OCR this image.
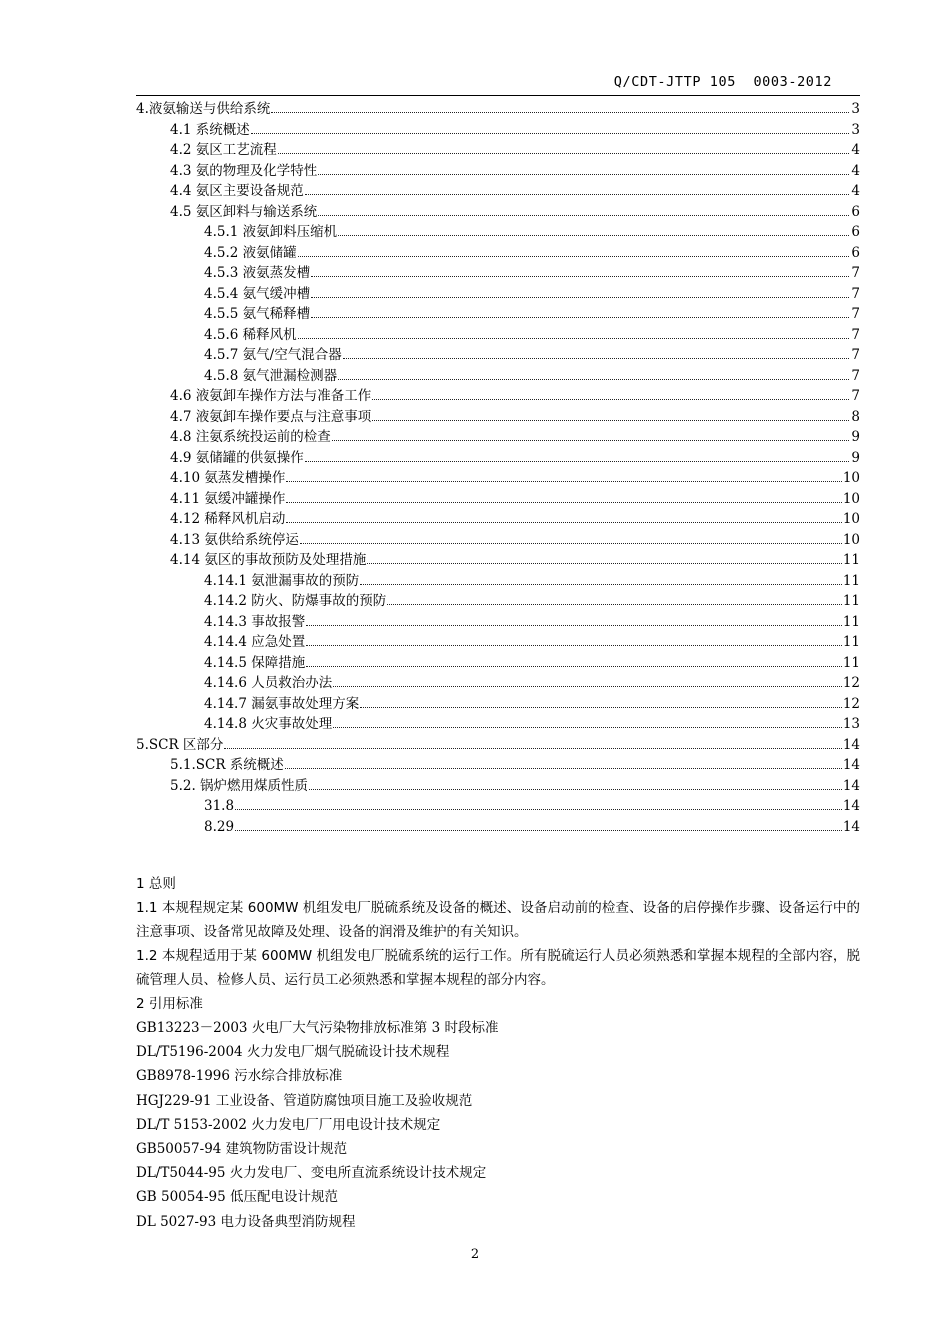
Q/CDT-JTTP 105  0003-2012
4.液氨输送与供给系统	3
4.1 系统概述	3
4.2 氨区工艺流程	4
4.3 氨的物理及化学特性	4
4.4 氨区主要设备规范	4
4.5 氨区卸料与输送系统	6
4.5.1 液氨卸料压缩机	6
4.5.2 液氨储罐	6
4.5.3 液氨蒸发槽	7
4.5.4 氨气缓冲槽	7
4.5.5 氨气稀释槽	7
4.5.6 稀释风机	7
4.5.7 氨气/空气混合器	7
4.5.8 氨气泄漏检测器	7
4.6 液氨卸车操作方法与准备工作	7
4.7 液氨卸车操作要点与注意事项	8
4.8 注氨系统投运前的检查	9
4.9 氨储罐的供氨操作	9
4.10 氨蒸发槽操作	10
4.11 氨缓冲罐操作	10
4.12 稀释风机启动	10
4.13 氨供给系统停运	10
4.14 氨区的事故预防及处理措施	11
4.14.1 氨泄漏事故的预防	11
4.14.2 防火、防爆事故的预防	11
4.14.3 事故报警	11
4.14.4 应急处置	11
4.14.5 保障措施	11
4.14.6 人员救治办法	12
4.14.7 漏氨事故处理方案	12
4.14.8 火灾事故处理	13
5.SCR 区部分	14
5.1.SCR 系统概述	14
5.2. 锅炉燃用煤质性质	14
31.8	14
8.29	14
1 总则
1.1 本规程规定某 600MW 机组发电厂脱硫系统及设备的概述、设备启动前的检查、设备的启停操作步骤、设备运行中的注意事项、设备常见故障及处理、设备的润滑及维护的有关知识。
1.2 本规程适用于某 600MW 机组发电厂脱硫系统的运行工作。所有脱硫运行人员必须熟悉和掌握本规程的全部内容，脱硫管理人员、检修人员、运行员工必须熟悉和掌握本规程的部分内容。
2 引用标准
GB13223－2003 火电厂大气污染物排放标准第 3 时段标准
DL/T5196-2004 火力发电厂烟气脱硫设计技术规程
GB8978-1996 污水综合排放标准
HGJ229-91 工业设备、管道防腐蚀项目施工及验收规范
DL/T 5153-2002 火力发电厂厂用电设计技术规定
GB50057-94 建筑物防雷设计规范
DL/T5044-95 火力发电厂、变电所直流系统设计技术规定
GB 50054-95 低压配电设计规范
DL 5027-93 电力设备典型消防规程
2
